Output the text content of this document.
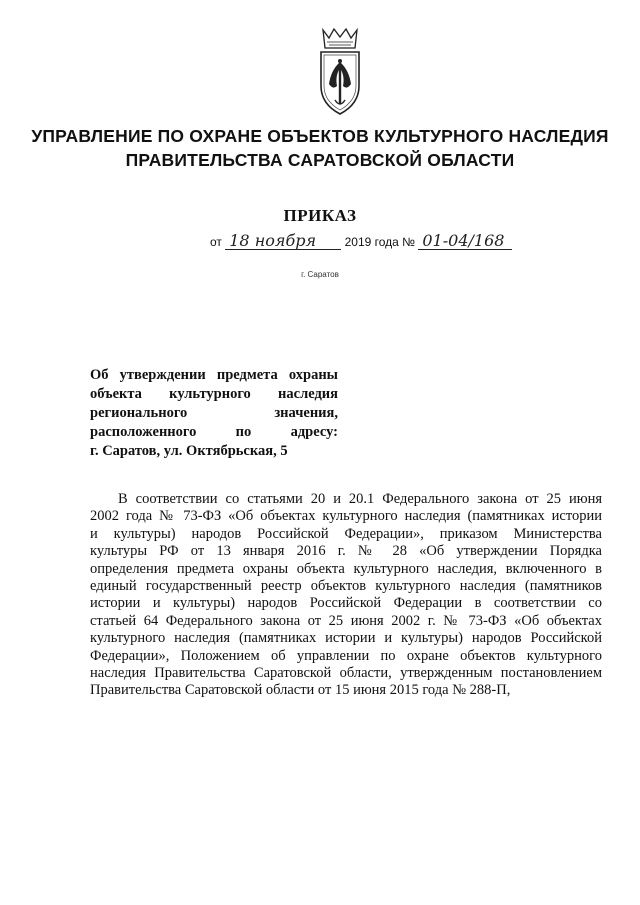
УПРАВЛЕНИЕ ПО ОХРАНЕ ОБЪЕКТОВ КУЛЬТУРНОГО НАСЛЕДИЯ
ПРАВИТЕЛЬСТВА САРАТОВСКОЙ ОБЛАСТИ
ПРИКАЗ
от 18 ноября 2019 года № 01-04/168
г. Саратов
Об утверждении предмета охраны
объекта культурного наследия
регионального значения,
расположенного по адресу:
г. Саратов, ул. Октябрьская, 5
В соответствии со статьями 20 и 20.1 Федерального закона от 25 июня
2002 года № 73-ФЗ «Об объектах культурного наследия (памятниках истории
и культуры) народов Российской Федерации», приказом Министерства
культуры РФ от 13 января 2016 г. № 28 «Об утверждении Порядка
определения предмета охраны объекта культурного наследия, включенного в
единый государственный реестр объектов культурного наследия (памятников
истории и культуры) народов Российской Федерации в соответствии со
статьей 64 Федерального закона от 25 июня 2002 г. № 73-ФЗ «Об объектах
культурного наследия (памятниках истории и культуры) народов Российской
Федерации», Положением об управлении по охране объектов культурного
наследия Правительства Саратовской области, утвержденным постановлением
Правительства Саратовской области от 15 июня 2015 года № 288-П,
